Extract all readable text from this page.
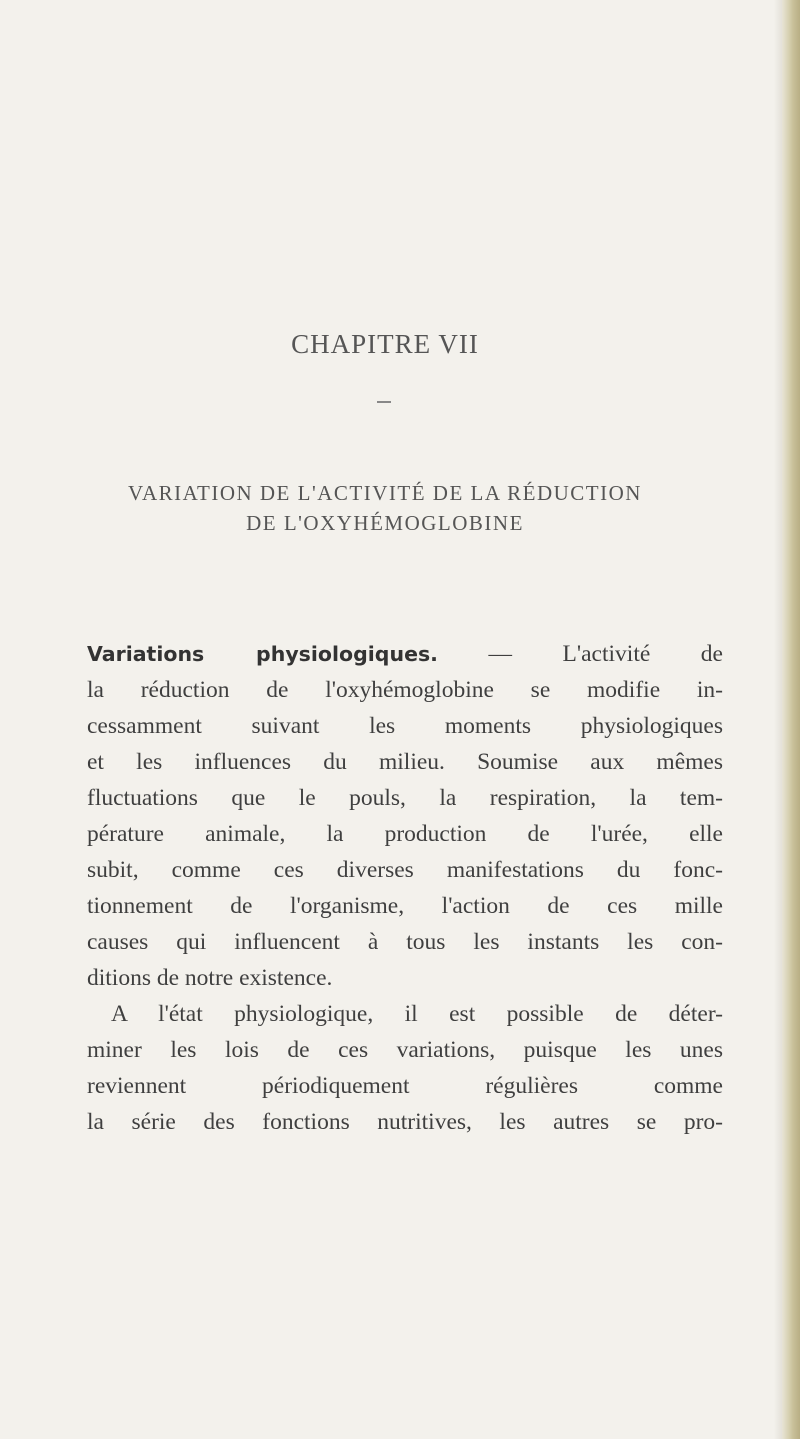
CHAPITRE VII
VARIATION DE L'ACTIVITÉ DE LA RÉDUCTION
DE L'OXYHÉMOGLOBINE
Variations physiologiques. — L'activité de
la réduction de l'oxyhémoglobine se modifie in-
cessamment suivant les moments physiologiques
et les influences du milieu. Soumise aux mêmes
fluctuations que le pouls, la respiration, la tem-
pérature animale, la production de l'urée, elle
subit, comme ces diverses manifestations du fonc-
tionnement de l'organisme, l'action de ces mille
causes qui influencent à tous les instants les con-
ditions de notre existence.
A l'état physiologique, il est possible de déter-
miner les lois de ces variations, puisque les unes
reviennent périodiquement régulières comme
la série des fonctions nutritives, les autres se pro-
